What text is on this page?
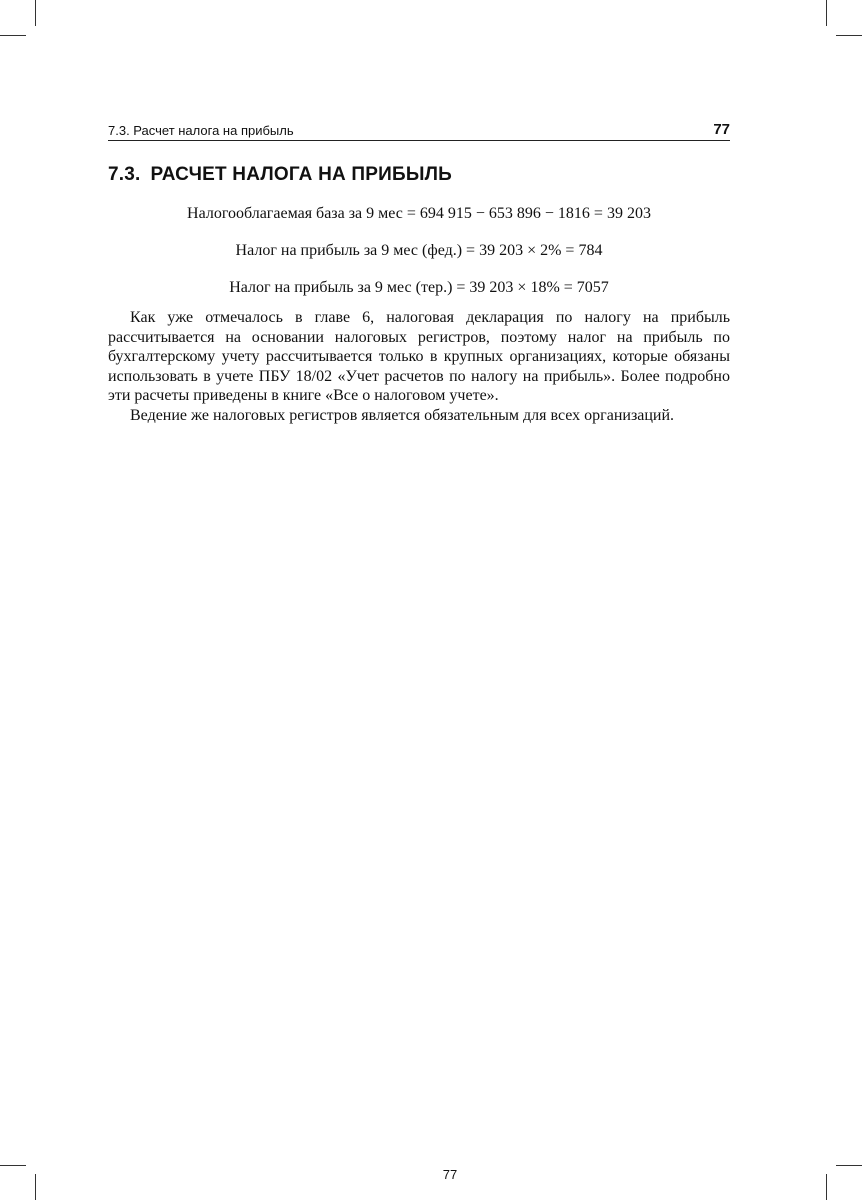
7.3. Расчет налога на прибыль	77
7.3. РАСЧЕТ НАЛОГА НА ПРИБЫЛЬ

Налогооблагаемая база за 9 мес = 694 915 − 653 896 − 1816 = 39 203

Налог на прибыль за 9 мес (фед.) = 39 203 × 2% = 784

Налог на прибыль за 9 мес (тер.) = 39 203 × 18% = 7057

Как уже отмечалось в главе 6, налоговая декларация по налогу на прибыль рассчитывается на основании налоговых регистров, поэтому налог на прибыль по бухгалтерскому учету рассчитывается только в крупных организациях, которые обязаны использовать в учете ПБУ 18/02 «Учет расчетов по налогу на прибыль». Более подробно эти расчеты приведены в книге «Все о налоговом учете».

Ведение же налоговых регистров является обязательным для всех организаций.

77
